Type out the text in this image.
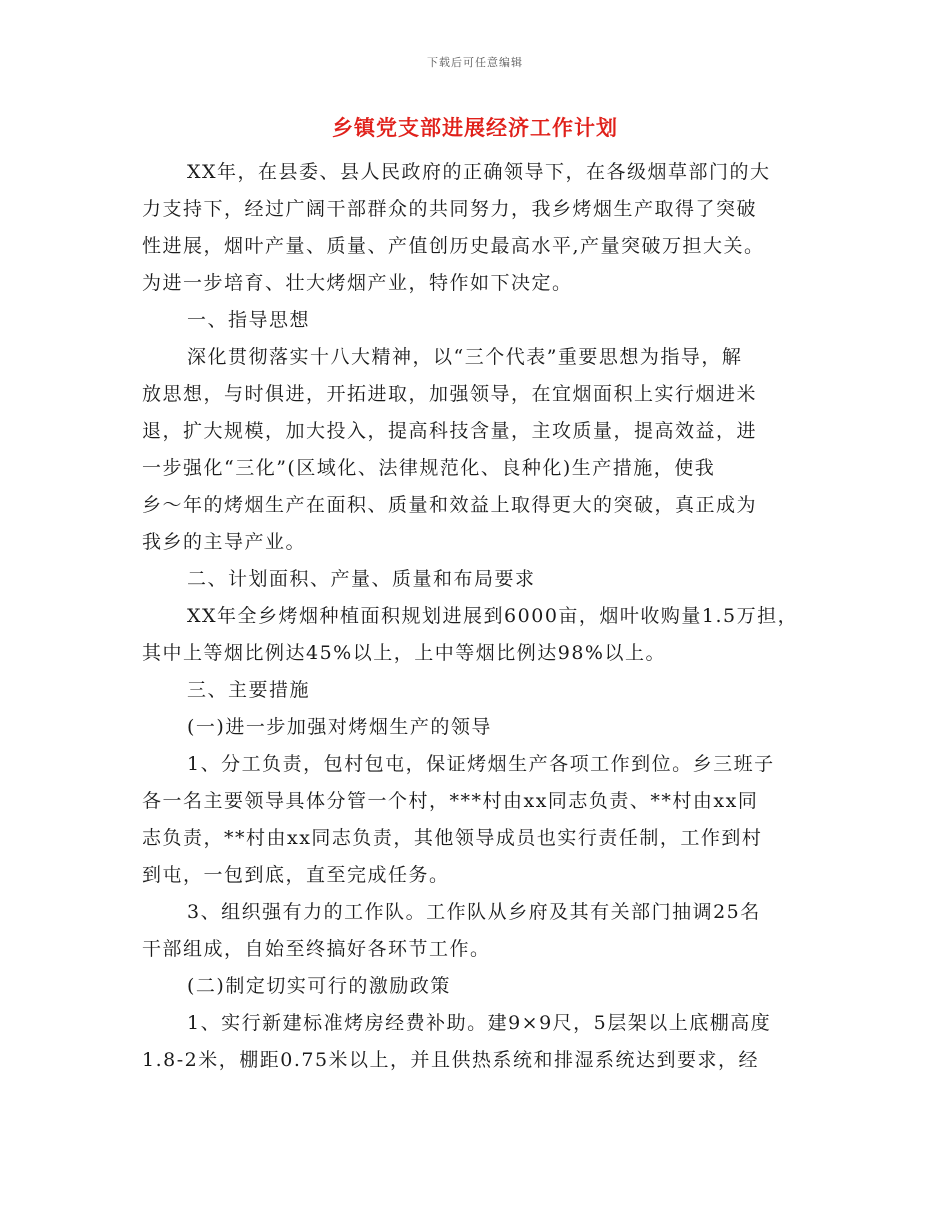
下载后可任意编辑
乡镇党支部进展经济工作计划
XX年，在县委、县人民政府的正确领导下，在各级烟草部门的大
力支持下，经过广阔干部群众的共同努力，我乡烤烟生产取得了突破
性进展，烟叶产量、质量、产值创历史最高水平,产量突破万担大关。
为进一步培育、壮大烤烟产业，特作如下决定。
一、指导思想
深化贯彻落实十八大精神，以“三个代表”重要思想为指导，解
放思想，与时俱进，开拓进取，加强领导，在宜烟面积上实行烟进米
退，扩大规模，加大投入，提高科技含量，主攻质量，提高效益，进
一步强化“三化”(区域化、法律规范化、良种化)生产措施，使我
乡～年的烤烟生产在面积、质量和效益上取得更大的突破，真正成为
我乡的主导产业。
二、计划面积、产量、质量和布局要求
XX年全乡烤烟种植面积规划进展到6000亩，烟叶收购量1.5万担，
其中上等烟比例达45%以上，上中等烟比例达98%以上。
三、主要措施
(一)进一步加强对烤烟生产的领导
1、分工负责，包村包屯，保证烤烟生产各项工作到位。乡三班子
各一名主要领导具体分管一个村，***村由xx同志负责、**村由xx同
志负责，**村由xx同志负责，其他领导成员也实行责任制，工作到村
到屯，一包到底，直至完成任务。
3、组织强有力的工作队。工作队从乡府及其有关部门抽调25名
干部组成，自始至终搞好各环节工作。
(二)制定切实可行的激励政策
1、实行新建标准烤房经费补助。建9×9尺，5层架以上底棚高度
1.8-2米，棚距0.75米以上，并且供热系统和排湿系统达到要求，经
